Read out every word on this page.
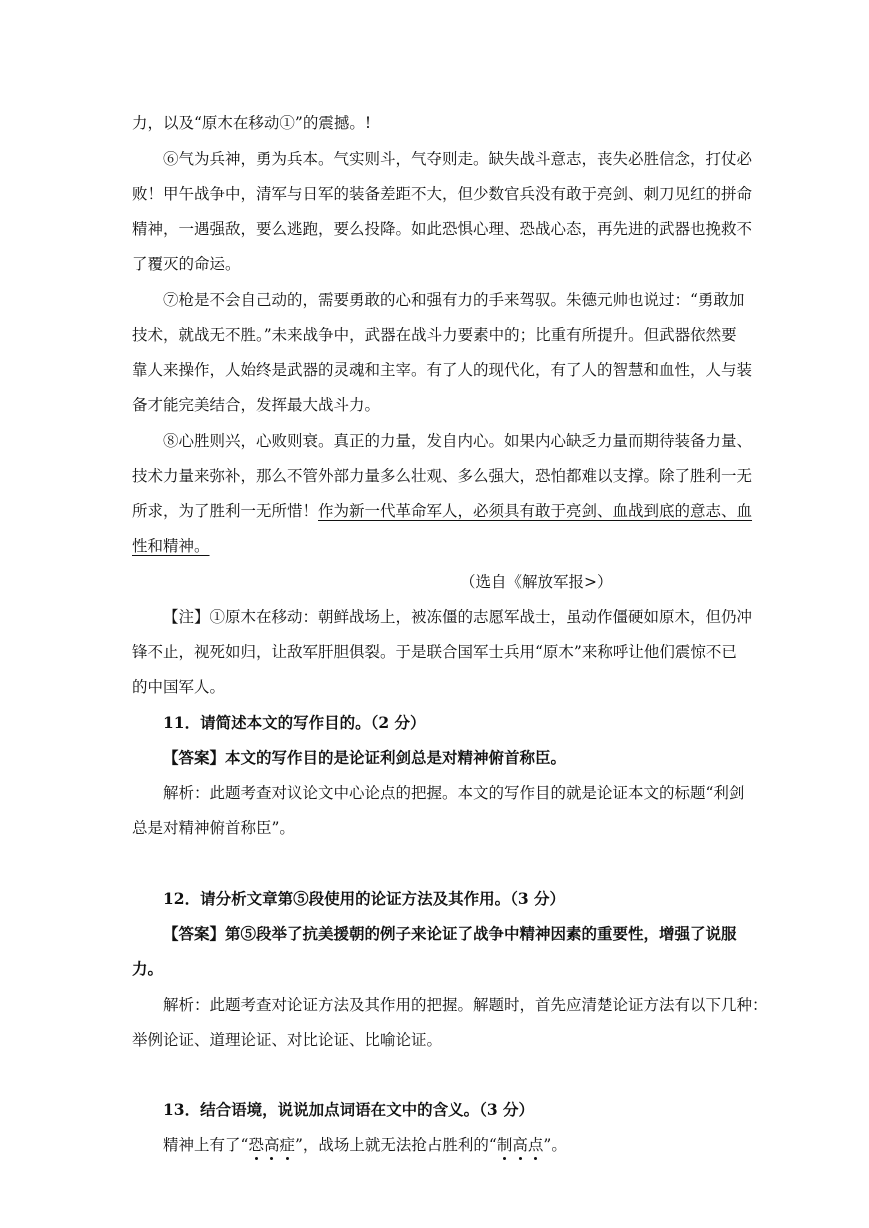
力，以及“原木在移动①”的震撼。!
⑥气为兵神，勇为兵本。气实则斗，气夺则走。缺失战斗意志，丧失必胜信念，打仗必
败！甲午战争中，清军与日军的装备差距不大，但少数官兵没有敢于亮剑、刺刀见红的拼命
精神，一遇强敌，要么逃跑，要么投降。如此恐惧心理、恐战心态，再先进的武器也挽救不
了覆灭的命运。
⑦枪是不会自己动的，需要勇敢的心和强有力的手来驾驭。朱德元帅也说过：“勇敢加
技术，就战无不胜。”未来战争中，武器在战斗力要素中的；比重有所提升。但武器依然要
靠人来操作，人始终是武器的灵魂和主宰。有了人的现代化，有了人的智慧和血性，人与装
备才能完美结合，发挥最大战斗力。
⑧心胜则兴，心败则衰。真正的力量，发自内心。如果内心缺乏力量而期待装备力量、
技术力量来弥补，那么不管外部力量多么壮观、多么强大，恐怕都难以支撑。除了胜利一无
所求，为了胜利一无所惜！作为新一代革命军人，必须具有敢于亮剑、血战到底的意志、血
性和精神。
（选自《解放军报>）
【注】①原木在移动：朝鲜战场上，被冻僵的志愿军战士，虽动作僵硬如原木，但仍冲
锋不止，视死如归，让敌军肝胆俱裂。于是联合国军士兵用“原木”来称呼让他们震惊不已
的中国军人。
11．请简述本文的写作目的。（2 分）
【答案】本文的写作目的是论证利剑总是对精神俯首称臣。
解析：此题考查对议论文中心论点的把握。本文的写作目的就是论证本文的标题“利剑
总是对精神俯首称臣”。
12．请分析文章第⑤段使用的论证方法及其作用。（3 分）
【答案】第⑤段举了抗美援朝的例子来论证了战争中精神因素的重要性，增强了说服
力。
解析：此题考查对论证方法及其作用的把握。解题时，首先应清楚论证方法有以下几种：
举例论证、道理论证、对比论证、比喻论证。
13．结合语境，说说加点词语在文中的含义。（3 分）
精神上有了“恐高症”，战场上就无法抢占胜利的“制高点”。
